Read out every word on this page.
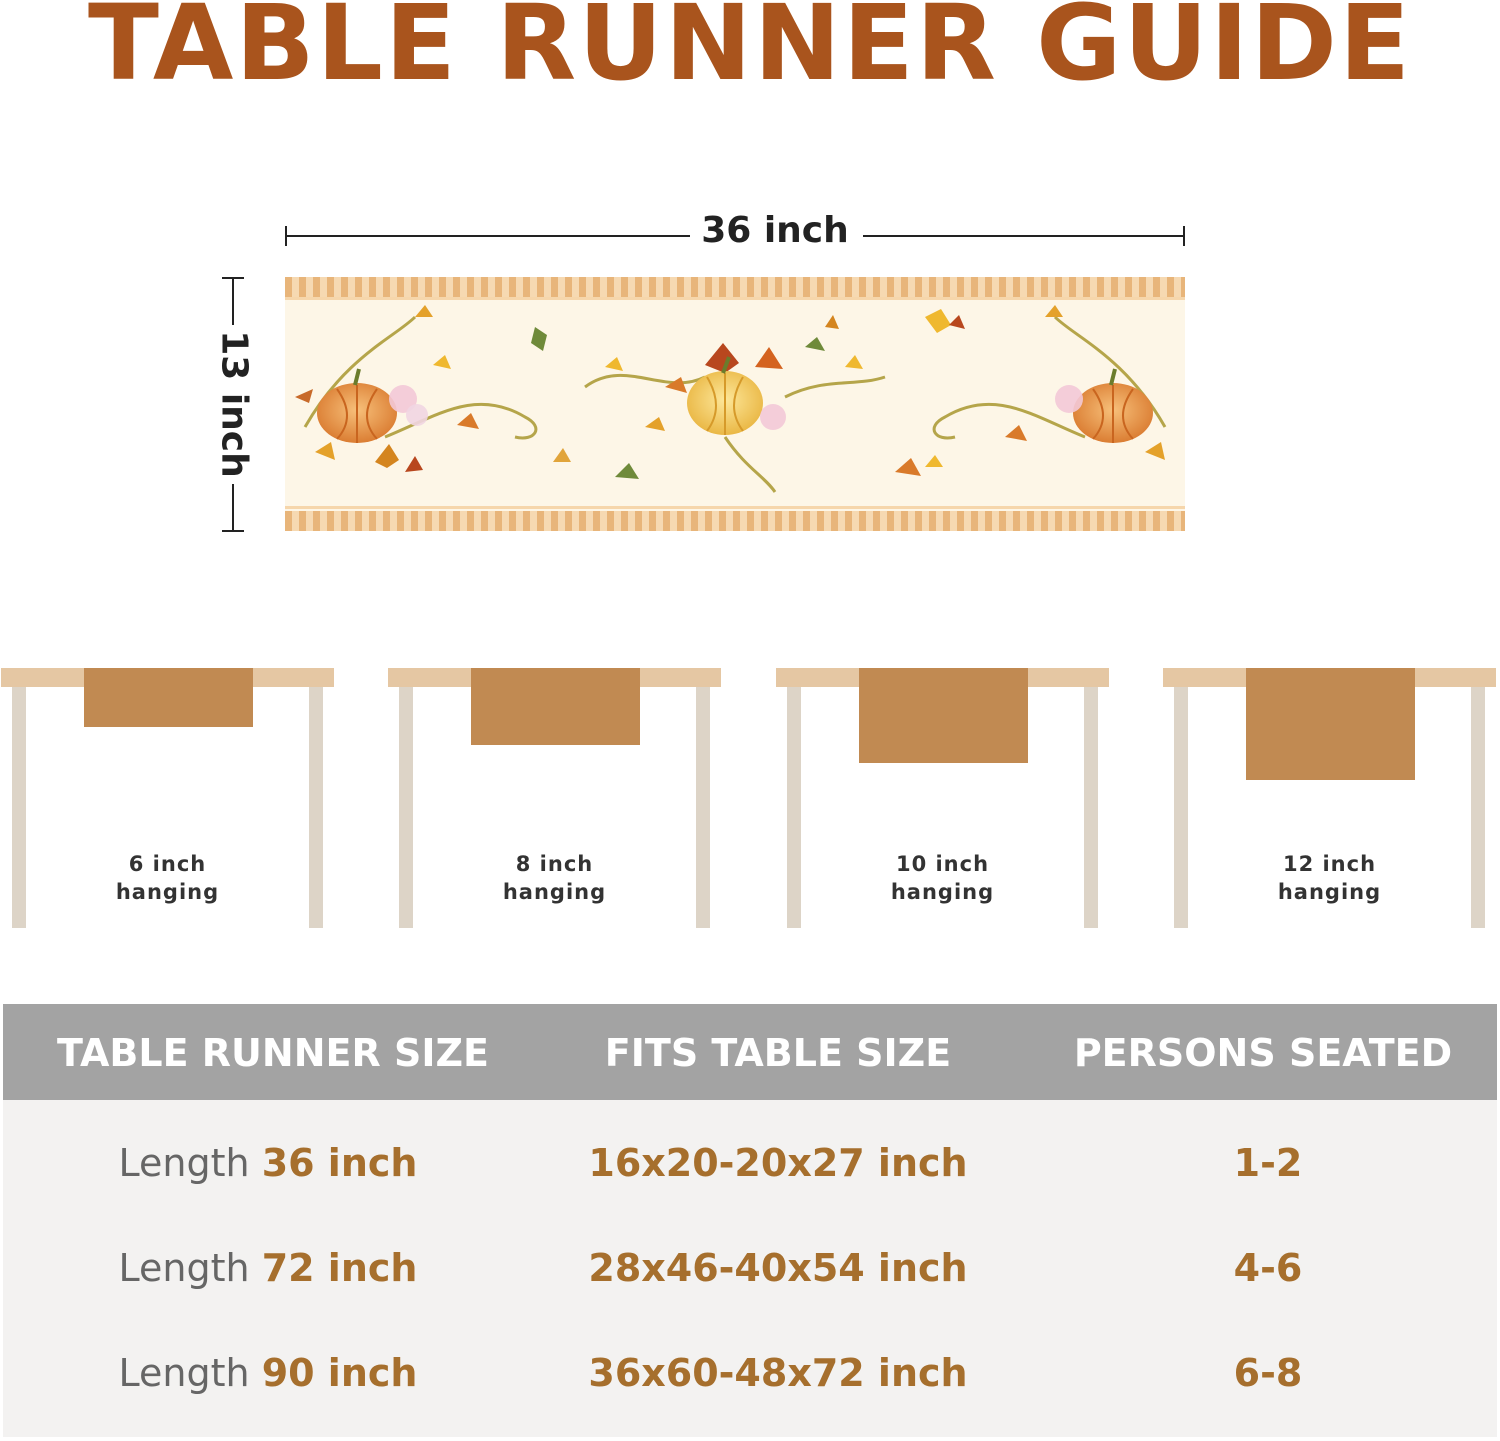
TABLE RUNNER GUIDE
36 inch
13 inch
6 inch
hanging
8 inch
hanging
10 inch
hanging
12 inch
hanging
TABLE RUNNER SIZE	FITS TABLE SIZE	PERSONS SEATED
Length 36 inch	16x20-20x27 inch	1-2
Length 72 inch	28x46-40x54 inch	4-6
Length 90 inch	36x60-48x72 inch	6-8
